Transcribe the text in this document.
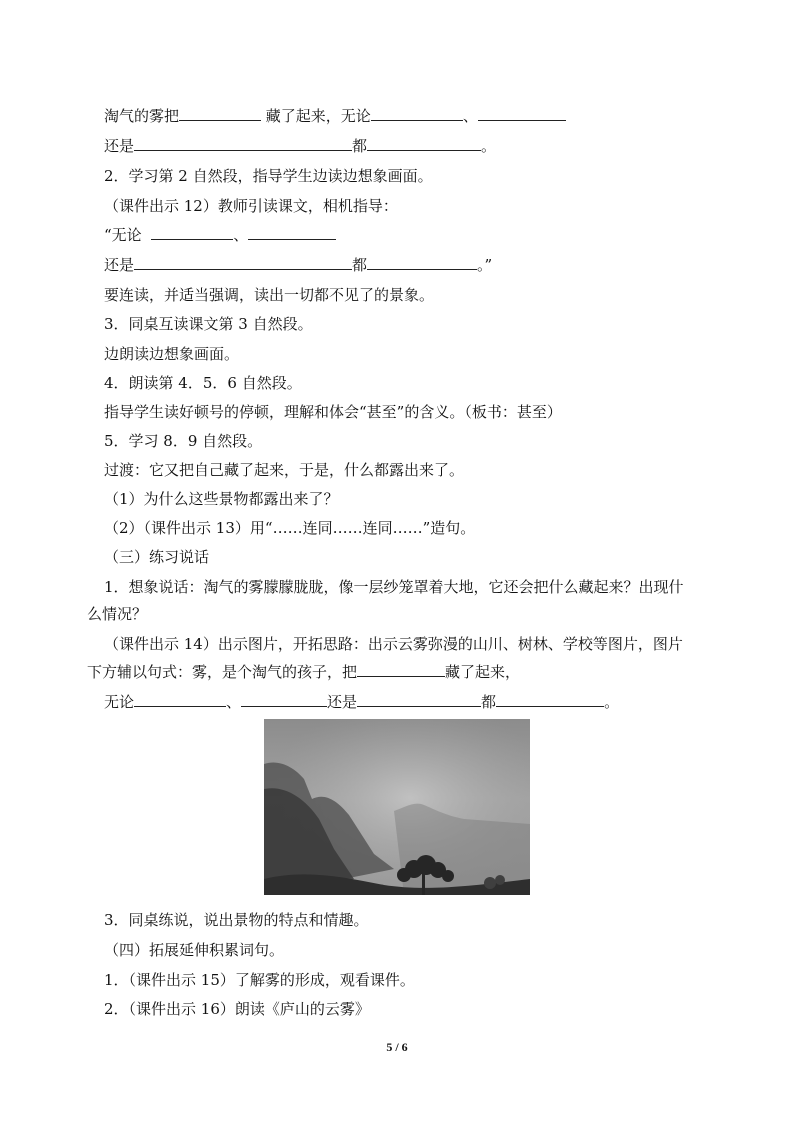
淘气的雾把	藏了起来，无论	、
还是	都	。
2．学习第 2 自然段，指导学生边读边想象画面。
（课件出示 12）教师引读课文，相机指导：
“无论	、
还是	都	。”
要连读，并适当强调，读出一切都不见了的景象。
3．同桌互读课文第 3 自然段。
边朗读边想象画面。
4．朗读第 4．5．6 自然段。
指导学生读好顿号的停顿，理解和体会“甚至”的含义。（板书：甚至）
5．学习 8．9 自然段。
过渡：它又把自己藏了起来，于是，什么都露出来了。
（1）为什么这些景物都露出来了？
（2）（课件出示 13）用“……连同……连同……”造句。
（三）练习说话
1．想象说话：淘气的雾朦朦胧胧，像一层纱笼罩着大地，它还会把什么藏起来？出现什
么情况？
（课件出示 14）出示图片，开拓思路：出示云雾弥漫的山川、树林、学校等图片，图片
下方辅以句式：雾，是个淘气的孩子，把	藏了起来，
无论	、	还是	都	。
3．同桌练说，说出景物的特点和情趣。
（四）拓展延伸积累词句。
1．（课件出示 15）了解雾的形成，观看课件。
2．（课件出示 16）朗读《庐山的云雾》
5 / 6
